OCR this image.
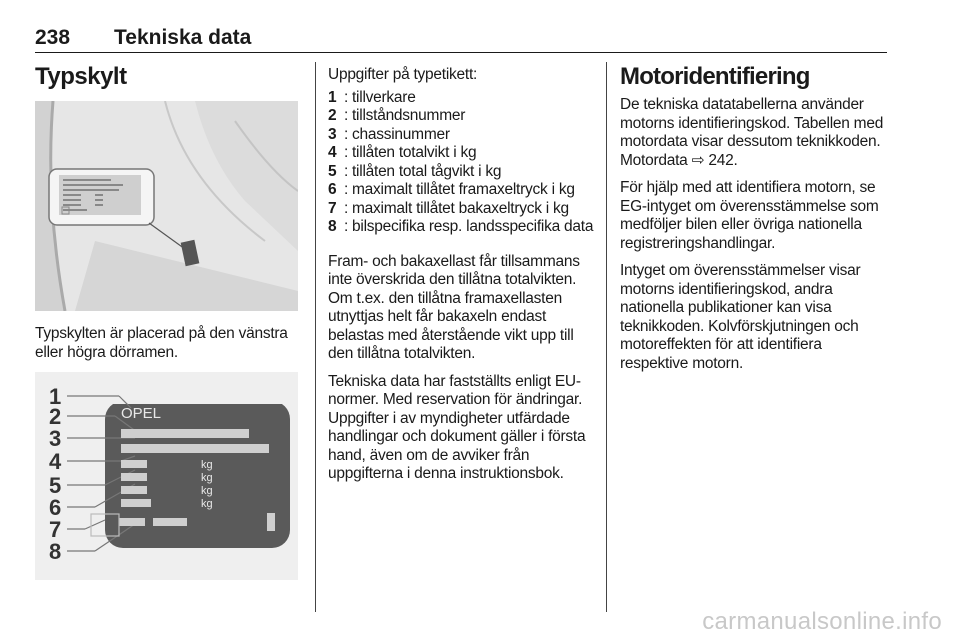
238 Tekniska data
Typskylt

Typskylten är placerad på den vänstra eller högra dörramen.

1
2
3
4
5
6
7
8
OPEL
kg
kg
kg
kg

Uppgifter på typetikett:

1 : tillverkare
2 : tillståndsnummer
3 : chassinummer
4 : tillåten totalvikt i kg
5 : tillåten total tågvikt i kg
6 : maximalt tillåtet framaxeltryck i kg
7 : maximalt tillåtet bakaxeltryck i kg
8 : bilspecifika resp. landsspecifika data

Fram- och bakaxellast får tillsammans inte överskrida den tillåtna totalvikten. Om t.ex. den tillåtna framaxellasten utnyttjas helt får bakaxeln endast belastas med återstående vikt upp till den tillåtna totalvikten.

Tekniska data har fastställts enligt EU-normer. Med reservation för ändringar. Uppgifter i av myndigheter utfärdade handlingar och dokument gäller i första hand, även om de avviker från uppgifterna i denna instruktionsbok.

Motoridentifiering

De tekniska datatabellerna använder motorns identifieringskod. Tabellen med motordata visar dessutom teknikkoden. Motordata ⇨ 242.

För hjälp med att identifiera motorn, se EG-intyget om överensstämmelse som medföljer bilen eller övriga nationella registreringshandlingar.

Intyget om överensstämmelser visar motorns identifieringskod, andra nationella publikationer kan visa teknikkoden. Kolvförskjutningen och motoreffekten för att identifiera respektive motorn.

carmanualsonline.info
